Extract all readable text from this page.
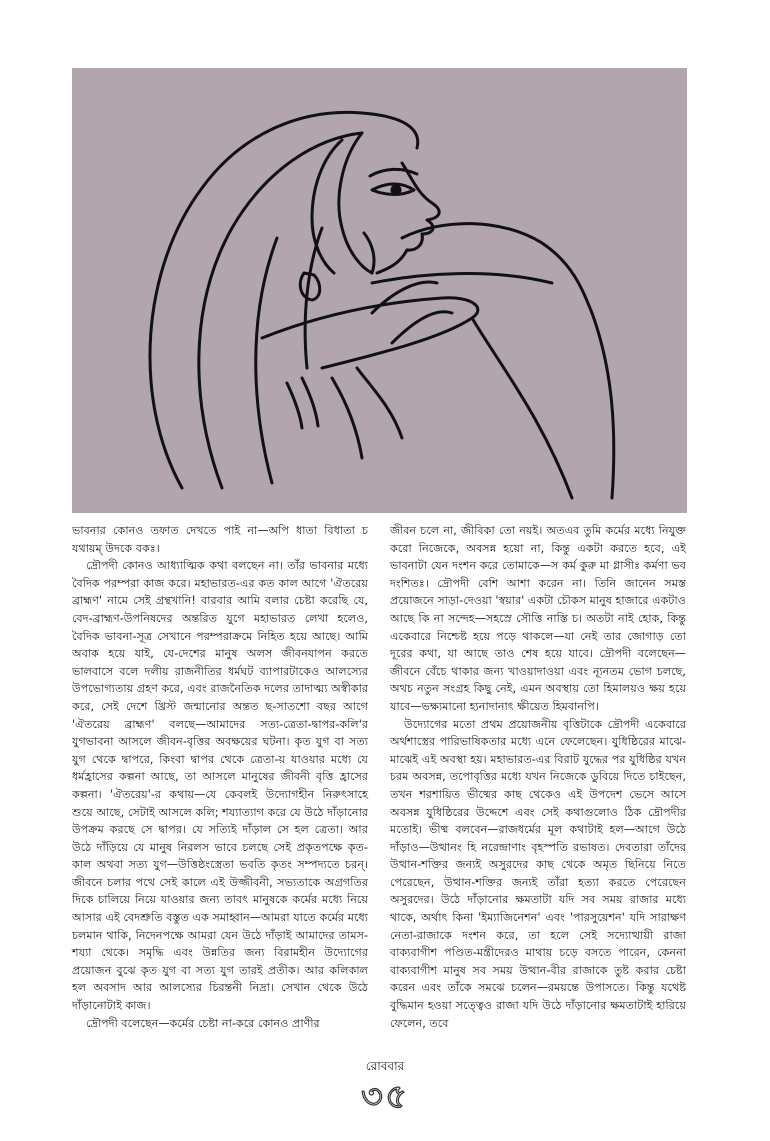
ভাবনার কোনও তফাত দেখতে পাই না—অপি ধাতা বিধাতা চ যথায়ম্ উদকে বকঃ।

দ্রৌপদী কোনও আধ্যাত্মিক কথা বলছেন না। তাঁর ভাবনার মধ্যে বৈদিক পরম্পরা কাজ করে। মহাভারত-এর কত কাল আগে 'ঐতরেয় ব্রাহ্মণ' নামে সেই গ্রন্থখানি! বারবার আমি বলার চেষ্টা করেছি যে, বেদ-ব্রাহ্মণ-উপনিষদের অন্তরিত যুগে মহাভারত লেখা হলেও, বৈদিক ভাবনা-সূত্র সেখানে পরম্পরাক্রমে নিহিত হয়ে আছে। আমি অবাক হয়ে যাই, যে-দেশের মানুষ অলস জীবনযাপন করতে ভালবাসে বলে দলীয় রাজনীতির ধর্মঘট ব্যাপারটাকেও আলস্যের উপভোগ্যতায় গ্রহণ করে, এবং রাজনৈতিক দলের তাদাত্ম্য অস্বীকার করে, সেই দেশে খ্রিস্ট জন্মানোর অন্তত ছ-সাতশো বছর আগে 'ঐতরেয় ব্রাহ্মণ' বলছে—আমাদের সত্য-ত্রেতা-দ্বাপর-কলি'র যুগভাবনা আসলে জীবন-বৃত্তির অবক্ষয়ের ঘটনা। কৃত যুগ বা সত্য যুগ থেকে দ্বাপরে, কিংবা দ্বাপর থেকে ত্রেতা-য় যাওয়ার মধ্যে যে ধর্মহ্রাসের কল্পনা আছে, তা আসলে মানুষের জীবনী বৃত্তি হ্রাসের কল্পনা। 'ঐতরেয়'-র কথায়—যে কেবলই উদ্যোগহীন নিরুৎসাহে শুয়ে আছে, সেটাই আসলে কলি; শয্যাত্যাগ করে যে উঠে দাঁড়ানোর উপক্রম করছে সে দ্বাপর। যে সত্যিই দাঁড়াল সে হল ত্রেতা। আর উঠে দাঁড়িয়ে যে মানুষ নিরলস ভাবে চলছে সেই প্রকৃতপক্ষে কৃত-কাল অথবা সত্য যুগ—উত্তিষ্ঠংস্ত্রেতা ভবতি কৃতং সম্পদ্যতে চরন্। জীবনে চলার পথে সেই কালে এই উজ্জীবনী, সভ্যতাকে অগ্রগতির দিকে চালিয়ে নিয়ে যাওয়ার জন্য তাবৎ মানুষকে কর্মের মধ্যে নিয়ে আসার এই বেদশ্রুতি বস্তুত এক সমাহ্বান—আমরা যাতে কর্মের মধ্যে চলমান থাকি, নিদেনপক্ষে আমরা যেন উঠে দাঁড়াই আমাদের তামস-শয্যা থেকে। সমৃদ্ধি এবং উন্নতির জন্য বিরামহীন উদ্যোগের প্রয়োজন বুঝে কৃত যুগ বা সত্য যুগ তারই প্রতীক। আর কলিকাল হল অবসাদ আর আলস্যের চিরন্তনী নিদ্রা। সেখান থেকে উঠে দাঁড়ানোটাই কাজ।

দ্রৌপদী বলেছেন—কর্মের চেষ্টা না-করে কোনও প্রাণীর

জীবন চলে না, জীবিকা তো নয়ই। অতএব তুমি কর্মের মধ্যে নিযুক্ত করো নিজেকে, অবসন্ন হয়ো না, কিন্তু একটা করতে হবে, এই ভাবনাটা যেন দংশন করে তোমাকে—স কর্ম কুরু মা গ্লাসীঃ কর্মণা ভব দংশিতঃ। দ্রৌপদী বেশি আশা করেন না। তিনি জানেন সমস্ত প্রয়োজনে সাড়া-দেওয়া 'স্বয়ার' একটা চৌকস মানুষ হাজারে একটাও আছে কি না সন্দেহ—সহস্রে সৌত্তি নাস্তি চ। অতটা নাই হোক, কিন্তু একেবারে নিশ্চেষ্ট হয়ে পড়ে থাকলে—যা নেই তার জোগাড় তো দূরের কথা, যা আছে তাও শেষ হয়ে যাবে। দ্রৌপদী বলেছেন—জীবনে বেঁচে থাকার জন্য খাওয়াদাওয়া এবং ন্যূনতম ভোগ চলছে, অথচ নতুন সংগ্রহ কিছু নেই, এমন অবস্থায় তো হিমালয়ও ক্ষয় হয়ে যাবে—ভক্ষ্যমানো হ্যনাদানাৎ ক্ষীয়েত হিমবানপি।

উদ্যোগের মতো প্রথম প্রয়োজনীয় বৃত্তিটাকে দ্রৌপদী একেবারে অর্থশাস্ত্রের পারিভাষিকতার মধ্যে এনে ফেলেছেন। যুধিষ্ঠিরের মাঝে-মাঝেই এই অবস্থা হয়। মহাভারত-এর বিরাট যুদ্ধের পর যুধিষ্ঠির যখন চরম অবসন্ন, তপোবৃত্তির মধ্যে যখন নিজেকে ডুবিয়ে দিতে চাইছেন, তখন শরশায়িত ভীষ্মের কাছ থেকেও এই উপদেশ ভেসে আসে অবসন্ন যুধিষ্ঠিরের উদ্দেশে এবং সেই কথাগুলোও ঠিক দ্রৌপদীর মতোই। ভীষ্ম বলবেন—রাজধর্মের মূল কথাটাই হল—আগে উঠে দাঁড়াও—উত্থানং হি নরেন্দ্রাণাং বৃহস্পতি রভাষত। দেবতারা তাঁদের উত্থান-শক্তির জন্যই অসুরদের কাছ থেকে অমৃত ছিনিয়ে নিতে পেরেছেন, উত্থান-শক্তির জন্যই তাঁরা হত্যা করতে পেরেছেন অসুরদের। উঠে দাঁড়ানোর ক্ষমতাটা যদি সব সময় রাজার মধ্যে থাকে, অর্থাৎ কিনা 'ইম্যাজিনেশন' এবং 'পারসুয়েশন' যদি সারাক্ষণ নেতা-রাজাকে দংশন করে, তা হলে সেই সদ্যোত্থায়ী রাজা বাক্যবাগীশ পণ্ডিত-মন্ত্রীদেরও মাথায় চড়ে বসতে পারেন, কেননা বাক্যবাগীশ মানুষ সব সময় উত্থান-বীর রাজাকে তুষ্ট করার চেষ্টা করেন এবং তাঁকে সমঝে চলেন—রময়ন্তে উপাসতে। কিন্তু যথেষ্ট বুদ্ধিমান হওয়া সত্ত্বেও রাজা যদি উঠে দাঁড়ানোর ক্ষমতাটাই হারিয়ে ফেলেন, তবে

রোববার
৩৫
